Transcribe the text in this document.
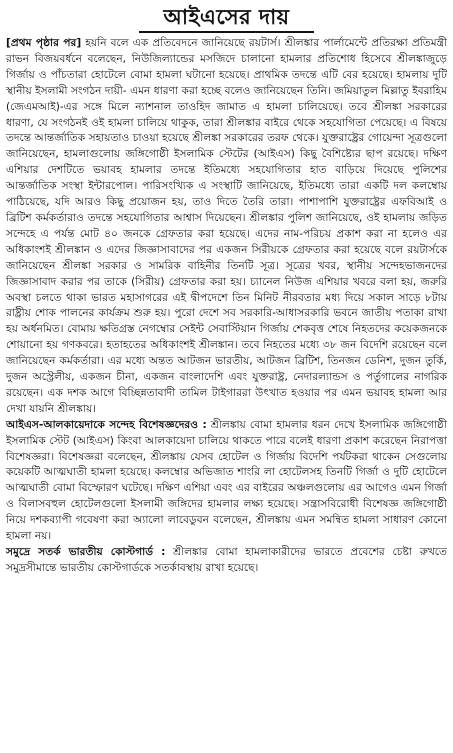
আইএসের দায়

[প্রথম পৃষ্ঠার পর] হয়নি বলে এক প্রতিবেদনে জানিয়েছে রয়টার্স। শ্রীলঙ্কার পার্লামেন্টে প্রতিরক্ষা প্রতিমন্ত্রী রাভন বিজয়বর্ধনে বলেছেন, নিউজিল্যান্ডের মসজিদে চালানো হামলার প্রতিশোধ হিসেবে শ্রীলঙ্কাজুড়ে গির্জায় ও পাঁচতারা হোটেলে বোমা হামলা ঘটানো হয়েছে। প্রাথমিক তদন্তে এটি বের হয়েছে। হামলায় দুটি স্থানীয় ইসলামী সংগঠন দায়ী- এমন ধারণা করা হচ্ছে বলেও জানিয়েছেন তিনি। জমিয়াতুল মিল্লাতু ইবরাহিম (জেএমআই)-এর সঙ্গে মিলে ন্যাশনাল তাওহিদ জামাত এ হামলা চালিয়েছে। তবে শ্রীলঙ্কা সরকারের ধারণা, যে সংগঠনই ওই হামলা চালিয়ে থাকুক, তারা শ্রীলঙ্কার বাইরে থেকে সহযোগিতা পেয়েছে। এ বিষয়ে তদন্তে আন্তর্জাতিক সহায়তাও চাওয়া হয়েছে শ্রীলঙ্কা সরকারের তরফ থেকে। যুক্তরাষ্ট্রের গোয়েন্দা সূত্রগুলো জানিয়েছেন, হামলাগুলোয় জঙ্গিগোষ্ঠী ইসলামিক স্টেটের (আইএস) কিছু বৈশিষ্ট্যের ছাপ রয়েছে। দক্ষিণ এশিয়ার দেশটিতে ভয়াবহ হামলার তদন্তে ইতিমধ্যে সহযোগিতার হাত বাড়িয়ে দিয়েছে পুলিশের আন্তর্জাতিক সংস্থা ইন্টারপোল। পারিসংখ্যিক এ সংস্থাটি জানিয়েছে, ইতিমধ্যে তারা একটি দল কলম্বোয় পাঠিয়েছে, যদি আরও কিছু প্রয়োজন হয়, তাও দিতে তৈরি তারা। পাশাপাশি যুক্তরাষ্ট্রের এফবিআই ও ব্রিটিশ কর্মকর্তারাও তদন্তে সহযোগিতার আশ্বাস দিয়েছেন। শ্রীলঙ্কার পুলিশ জানিয়েছে, ওই হামলায় জড়িত সন্দেহে এ পর্যন্ত মোট ৪০ জনকে গ্রেফতার করা হয়েছে। এদের নাম-পরিচয় প্রকাশ করা না হলেও এর অধিকাংশই শ্রীলঙ্কান ও এদের জিজ্ঞাসাবাদের পর একজন সিরীয়কে গ্রেফতার করা হয়েছে বলে রয়টার্সকে জানিয়েছেন শ্রীলঙ্কা সরকার ও সামরিক বাহিনীর তিনটি সূত্র। সূত্রের খবর, স্থানীয় সন্দেহভাজনদের জিজ্ঞাসাবাদ করার পর তাকে (সিরীয়) গ্রেফতার করা হয়। চ্যানেল নিউজ এশিয়ার খবরে বলা হয়, জরুরি অবস্থা চলতে থাকা ভারত মহাসাগরের এই দ্বীপদেশে তিন মিনিট নীরবতার মধ্য দিয়ে সকাল সাড়ে ৮টায় রাষ্ট্রীয় শোক পালনের কার্যক্রম শুরু হয়। পুরো দেশে সব সরকারি-আধাসরকারি ভবনে জাতীয় পতাকা রাখা হয় অর্ধনমিত। বোমায় ক্ষতিগ্রস্ত নেগম্বোর সেইন্ট সেবাস্টিয়ান গির্জায় শেকবৃত্ত শেষে নিহতদের কয়েকজনকে শোয়ানো হয় গণকবরে। হতাহতের অধিকাংশই শ্রীলঙ্কান। তবে নিহতের মধ্যে ৩৮ জন বিদেশি রয়েছেন বলে জানিয়েছেন কর্মকর্তারা। এর মধ্যে অন্তত আটজন ভারতীয়, আটজন ব্রিটিশ, তিনজন ডেনিশ, দুজন তুর্কি, দুজন অস্ট্রেলীয়, একজন চীনা, একজন বাংলাদেশি এবং যুক্তরাষ্ট্র, নেদারল্যান্ডস ও পর্তুগালের নাগরিক রয়েছেন। এক দশক আগে বিচ্ছিন্নতাবাদী তামিল টাইগাররা উৎখাত হওয়ার পর এমন ভয়াবহ হামলা আর দেখা যায়নি শ্রীলঙ্কায়।

আইএস-আলকায়েদাকে সন্দেহ বিশেষজ্ঞদেরও : শ্রীলঙ্কায় বোমা হামলার ধরন দেখে ইসলামিক জঙ্গিগোষ্ঠী ইসলামিক স্টেট (আইএস) কিংবা আলকায়েদা চালিয়ে থাকতে পারে বলেই ধারণা প্রকাশ করেছেন নিরাপত্তা বিশেষজ্ঞরা। বিশেষজ্ঞরা বলেছেন, শ্রীলঙ্কায় যেসব হোটেল ও গির্জায় বিদেশি পর্যটকরা থাকেন সেগুলোয় কয়েকটি আত্মঘাতী হামলা হয়েছে। কলম্বোর অভিজাত শাংরি লা হোটেলসহ তিনটি গির্জা ও দুটি হোটেলে আত্মঘাতী বোমা বিস্ফোরণ ঘটেছে। দক্ষিণ এশিয়া এবং এর বাইরের অঞ্চলগুলোয় এর আগেও এমন গির্জা ও বিলাসবহুল হোটেলগুলো ইসলামী জঙ্গিদের হামলার লক্ষ্য হয়েছে। সন্ত্রাসবিরোধী বিশেষজ্ঞ জঙ্গিগোষ্ঠী নিয়ে দশকব্যাপী গবেষণা করা অ্যালো লাবেডুবন বলেছেন, শ্রীলঙ্কায় এমন সমন্বিত হামলা সাধারণ কোনো হামলা নয়।

সমুদ্রে সতর্ক ভারতীয় কোস্টগার্ড : শ্রীলঙ্কার বোমা হামলাকারীদের ভারতে প্রবেশের চেষ্টা রুখতে সমুদ্রসীমান্তে ভারতীয় কোস্টগার্ডকে সতর্কাবস্থায় রাখা হয়েছে।
